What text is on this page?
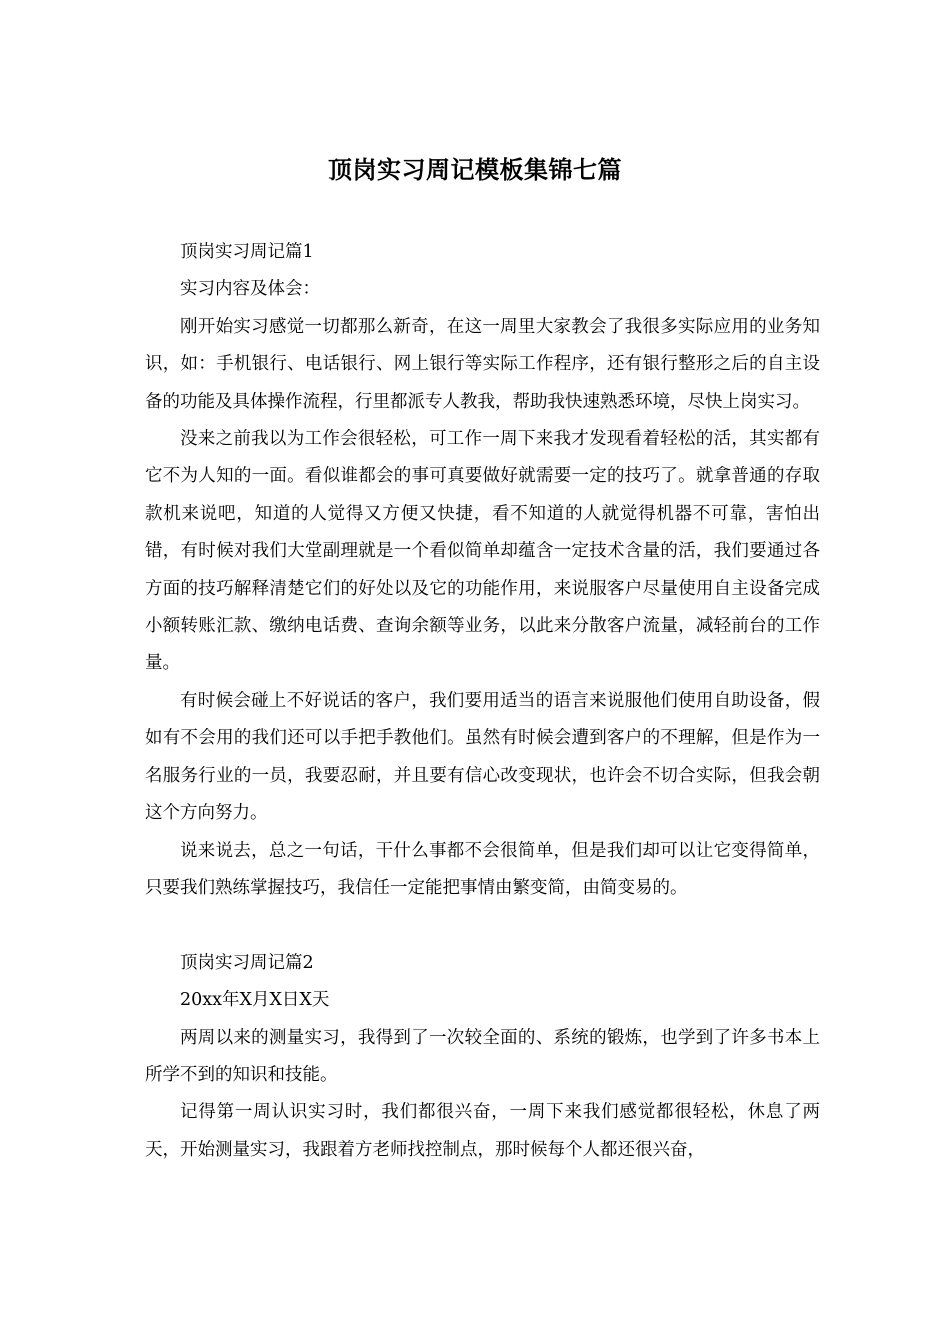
顶岗实习周记模板集锦七篇

顶岗实习周记篇1

实习内容及体会：

刚开始实习感觉一切都那么新奇，在这一周里大家教会了我很多实际应用的业务知识，如：手机银行、电话银行、网上银行等实际工作程序，还有银行整形之后的自主设备的功能及具体操作流程，行里都派专人教我，帮助我快速熟悉环境，尽快上岗实习。

没来之前我以为工作会很轻松，可工作一周下来我才发现看着轻松的活，其实都有它不为人知的一面。看似谁都会的事可真要做好就需要一定的技巧了。就拿普通的存取款机来说吧，知道的人觉得又方便又快捷，看不知道的人就觉得机器不可靠，害怕出错，有时候对我们大堂副理就是一个看似简单却蕴含一定技术含量的活，我们要通过各方面的技巧解释清楚它们的好处以及它的功能作用，来说服客户尽量使用自主设备完成小额转账汇款、缴纳电话费、查询余额等业务，以此来分散客户流量，减轻前台的工作量。

有时候会碰上不好说话的客户，我们要用适当的语言来说服他们使用自助设备，假如有不会用的我们还可以手把手教他们。虽然有时候会遭到客户的不理解，但是作为一名服务行业的一员，我要忍耐，并且要有信心改变现状，也许会不切合实际，但我会朝这个方向努力。

说来说去，总之一句话，干什么事都不会很简单，但是我们却可以让它变得简单，只要我们熟练掌握技巧，我信任一定能把事情由繁变简，由简变易的。

顶岗实习周记篇2

20xx年X月X日X天

两周以来的测量实习，我得到了一次较全面的、系统的锻炼，也学到了许多书本上所学不到的知识和技能。

记得第一周认识实习时，我们都很兴奋，一周下来我们感觉都很轻松，休息了两天，开始测量实习，我跟着方老师找控制点，那时候每个人都还很兴奋，
